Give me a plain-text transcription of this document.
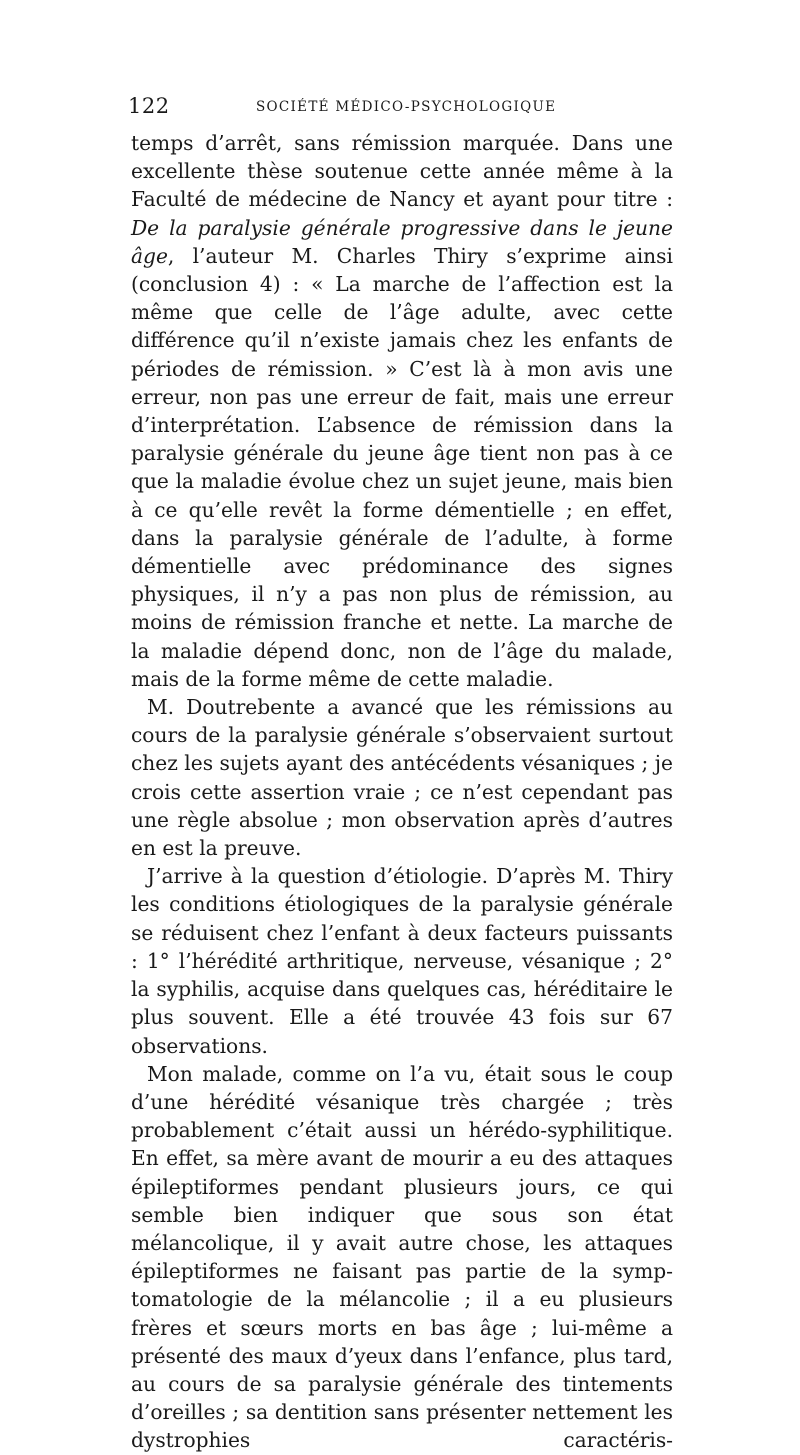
122	SOCIÉTÉ MÉDICO-PSYCHOLOGIQUE

temps d’arrêt, sans rémission marquée. Dans une excellente thèse soutenue cette année même à la Faculté de médecine de Nancy et ayant pour titre : De la paralysie générale progressive dans le jeune âge, l’auteur M. Charles Thiry s’exprime ainsi (conclusion 4) : « La marche de l’affection est la même que celle de l’âge adulte, avec cette différence qu’il n’existe jamais chez les enfants de périodes de rémission. » C’est là à mon avis une erreur, non pas une erreur de fait, mais une erreur d’interprétation. L’absence de rémission dans la paralysie générale du jeune âge tient non pas à ce que la maladie évolue chez un sujet jeune, mais bien à ce qu’elle revêt la forme démentielle ; en effet, dans la paralysie générale de l’adulte, à forme démentielle avec prédominance des signes physiques, il n’y a pas non plus de rémission, au moins de rémission franche et nette. La marche de la maladie dépend donc, non de l’âge du malade, mais de la forme même de cette maladie.

M. Doutrebente a avancé que les rémissions au cours de la paralysie générale s’observaient surtout chez les sujets ayant des antécédents vésaniques ; je crois cette assertion vraie ; ce n’est cependant pas une règle absolue ; mon observation après d’autres en est la preuve.

J’arrive à la question d’étiologie. D’après M. Thiry les conditions étiologiques de la paralysie générale se réduisent chez l’enfant à deux facteurs puissants : 1° l’hérédité arthritique, nerveuse, vésanique ; 2° la syphilis, acquise dans quelques cas, héréditaire le plus souvent. Elle a été trouvée 43 fois sur 67 observations.

Mon malade, comme on l’a vu, était sous le coup d’une hérédité vésanique très chargée ; très probablement c’était aussi un hérédo-syphilitique. En effet, sa mère avant de mourir a eu des attaques épileptiformes pendant plusieurs jours, ce qui semble bien indiquer que sous son état mélancolique, il y avait autre chose, les attaques épileptiformes ne faisant pas partie de la symptomatologie de la mélancolie ; il a eu plusieurs frères et sœurs morts en bas âge ; lui-même a présenté des maux d’yeux dans l’enfance, plus tard, au cours de sa paralysie générale des tintements d’oreilles ; sa dentition sans présenter nettement les dystrophies caractéris-
